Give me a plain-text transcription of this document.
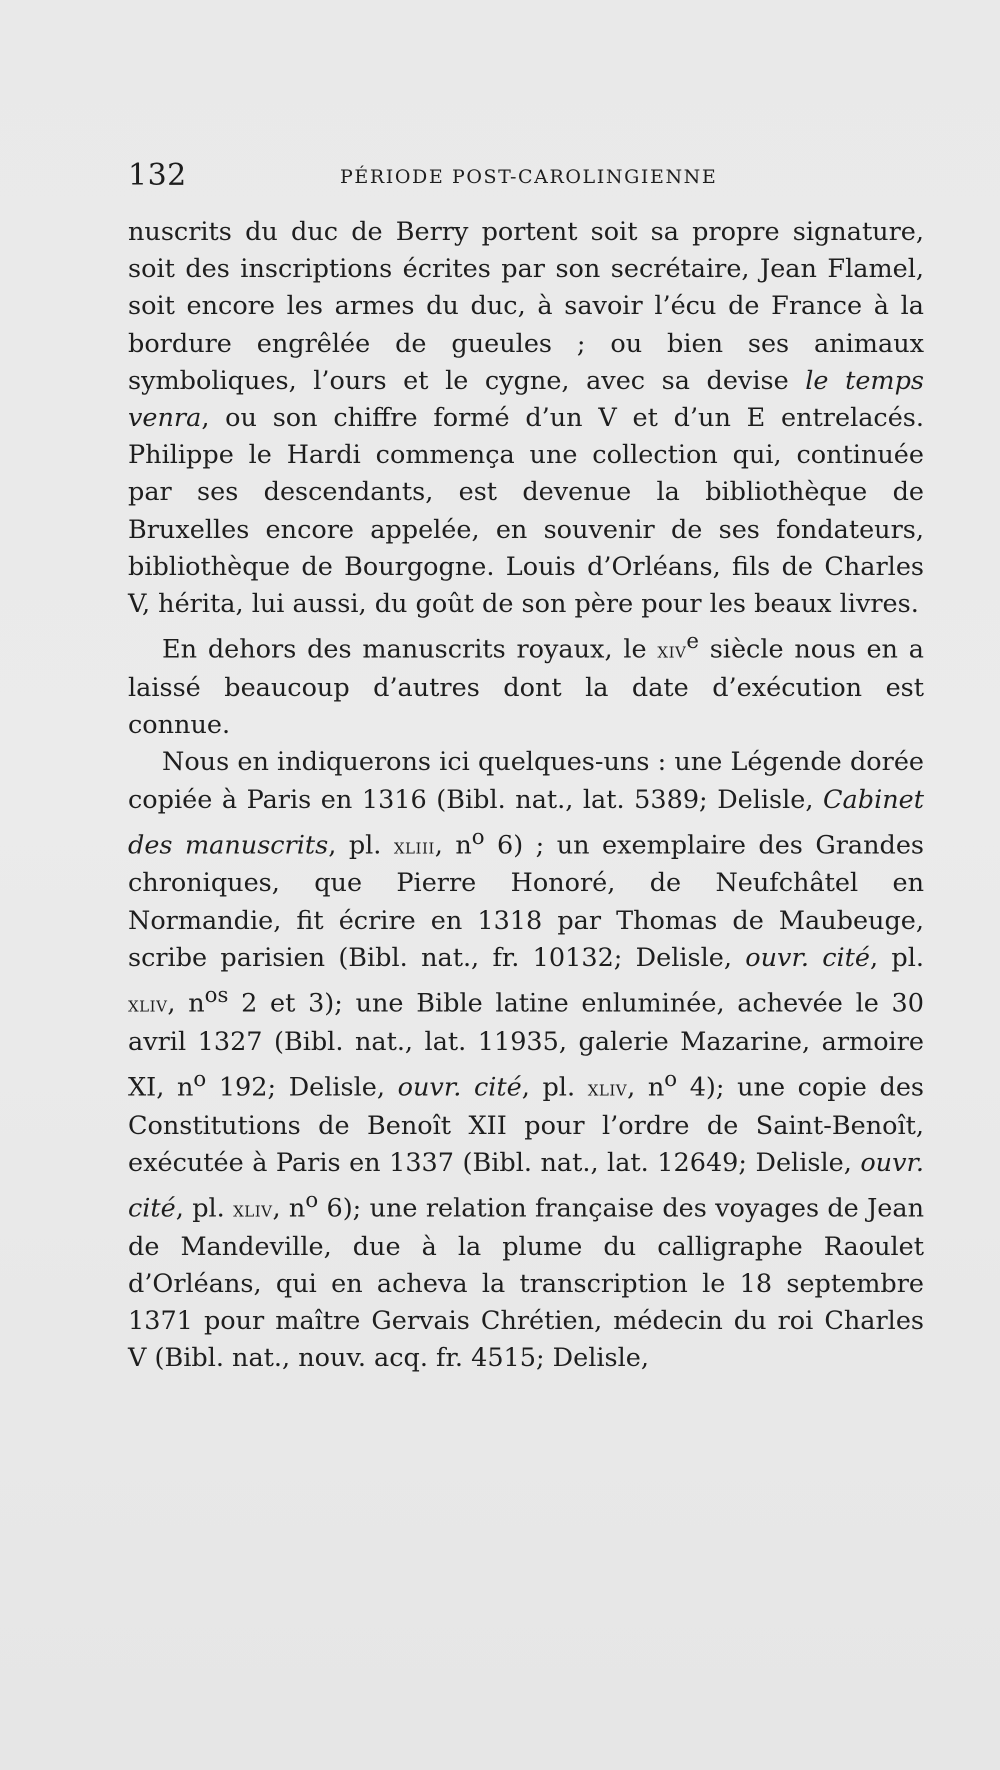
132	PÉRIODE POST-CAROLINGIENNE

nuscrits du duc de Berry portent soit sa propre signature, soit des inscriptions écrites par son secrétaire, Jean Flamel, soit encore les armes du duc, à savoir l’écu de France à la bordure engrêlée de gueules ; ou bien ses animaux symboliques, l’ours et le cygne, avec sa devise le temps venra, ou son chiffre formé d’un V et d’un E entrelacés. Philippe le Hardi commença une collection qui, continuée par ses descendants, est devenue la bibliothèque de Bruxelles encore appelée, en souvenir de ses fondateurs, bibliothèque de Bourgogne. Louis d’Orléans, fils de Charles V, hérita, lui aussi, du goût de son père pour les beaux livres.

En dehors des manuscrits royaux, le xiv$^e$ siècle nous en a laissé beaucoup d’autres dont la date d’exécution est connue.

Nous en indiquerons ici quelques-uns : une Légende dorée copiée à Paris en 1316 (Bibl. nat., lat. 5389; Delisle, Cabinet des manuscrits, pl. xliii, $n^o$ 6) ; un exemplaire des Grandes chroniques, que Pierre Honoré, de Neufchâtel en Normandie, fit écrire en 1318 par Thomas de Maubeuge, scribe parisien (Bibl. nat., fr. 10132; Delisle, ouvr. cité, pl. xliv, $n^{os}$ 2 et 3); une Bible latine enluminée, achevée le 30 avril 1327 (Bibl. nat., lat. 11935, galerie Mazarine, armoire XI, $n^o$ 192; Delisle, ouvr. cité, pl. xliv, $n^o$ 4); une copie des Constitutions de Benoît XII pour l’ordre de Saint-Benoît, exécutée à Paris en 1337 (Bibl. nat., lat. 12649; Delisle, ouvr. cité, pl. xliv, $n^o$ 6); une relation française des voyages de Jean de Mandeville, due à la plume du calligraphe Raoulet d’Orléans, qui en acheva la transcription le 18 septembre 1371 pour maître Gervais Chrétien, médecin du roi Charles V (Bibl. nat., nouv. acq. fr. 4515; Delisle,
